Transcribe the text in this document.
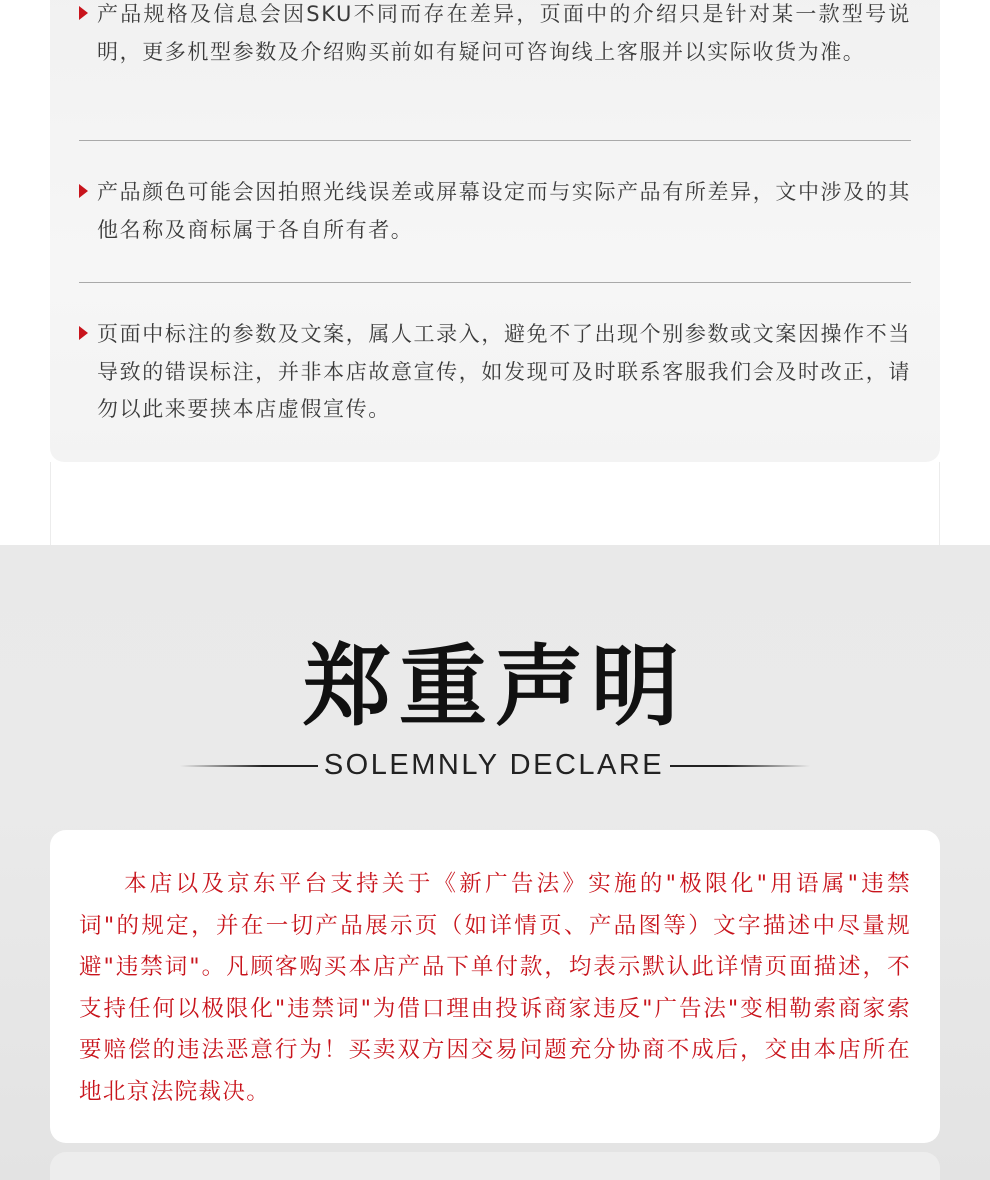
产品规格及信息会因SKU不同而存在差异，页面中的介绍只是针对某一款型号说明，更多机型参数及介绍购买前如有疑问可咨询线上客服并以实际收货为准。

产品颜色可能会因拍照光线误差或屏幕设定而与实际产品有所差异，文中涉及的其他名称及商标属于各自所有者。

页面中标注的参数及文案，属人工录入，避免不了出现个别参数或文案因操作不当导致的错误标注，并非本店故意宣传，如发现可及时联系客服我们会及时改正，请勿以此来要挟本店虚假宣传。

郑重声明

SOLEMNLY DECLARE

本店以及京东平台支持关于《新广告法》实施的"极限化"用语属"违禁词"的规定，并在一切产品展示页（如详情页、产品图等）文字描述中尽量规避"违禁词"。凡顾客购买本店产品下单付款，均表示默认此详情页面描述，不支持任何以极限化"违禁词"为借口理由投诉商家违反"广告法"变相勒索商家索要赔偿的违法恶意行为！买卖双方因交易问题充分协商不成后，交由本店所在地北京法院裁决。
